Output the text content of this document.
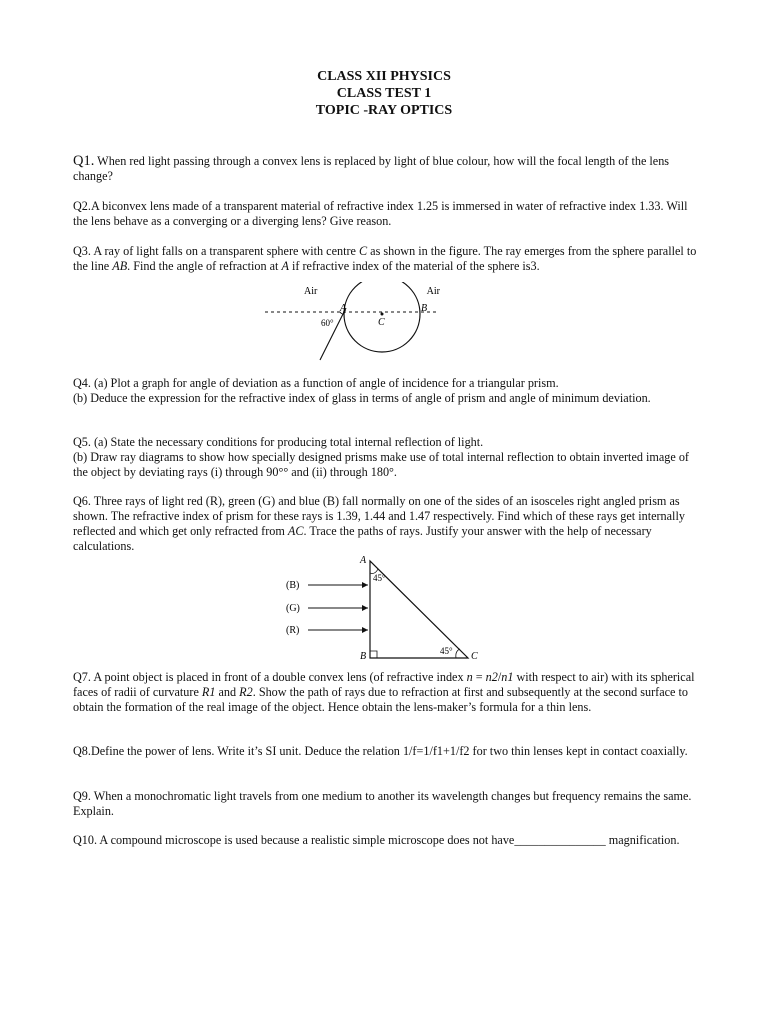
CLASS XII PHYSICS
CLASS TEST 1
TOPIC -RAY OPTICS

Q1. When red light passing through a convex lens is replaced by light of blue colour, how will the focal length of the lens change?

Q2.A biconvex lens made of a transparent material of refractive index 1.25 is immersed in water of refractive index 1.33. Will the lens behave as a converging or a diverging lens? Give reason.

Q3. A ray of light falls on a transparent sphere with centre C as shown in the figure. The ray emerges from the sphere parallel to the line AB. Find the angle of refraction at A if refractive index of the material of the sphere is3.

Air	Air
A	B
C
60°

Q4. (a) Plot a graph for angle of deviation as a function of angle of incidence for a triangular prism.

(b) Deduce the expression for the refractive index of glass in terms of angle of prism and angle of minimum deviation.

Q5. (a) State the necessary conditions for producing total internal reflection of light.

(b) Draw ray diagrams to show how specially designed prisms make use of total internal reflection to obtain inverted image of the object by deviating rays (i) through 90°° and (ii) through 180°.

Q6. Three rays of light red (R), green (G) and blue (B) fall normally on one of the sides of an isosceles right angled prism as shown. The refractive index of prism for these rays is 1.39, 1.44 and 1.47 respectively. Find which of these rays get internally reflected and which get only refracted from AC. Trace the paths of rays. Justify your answer with the help of necessary calculations.

(B)
(G)
(R)
A
B	C
45°
45°

Q7. A point object is placed in front of a double convex lens (of refractive index n = n2/n1 with respect to air) with its spherical faces of radii of curvature R1 and R2. Show the path of rays due to refraction at first and subsequently at the second surface to obtain the formation of the real image of the object. Hence obtain the lens-maker’s formula for a thin lens.

Q8.Define the power of lens. Write it’s SI unit. Deduce the relation 1/f=1/f1+1/f2 for two thin lenses kept in contact coaxially.

Q9. When a monochromatic light travels from one medium to another its wavelength changes but frequency remains the same. Explain.

Q10. A compound microscope is used because a realistic simple microscope does not have_______________ magnification.
